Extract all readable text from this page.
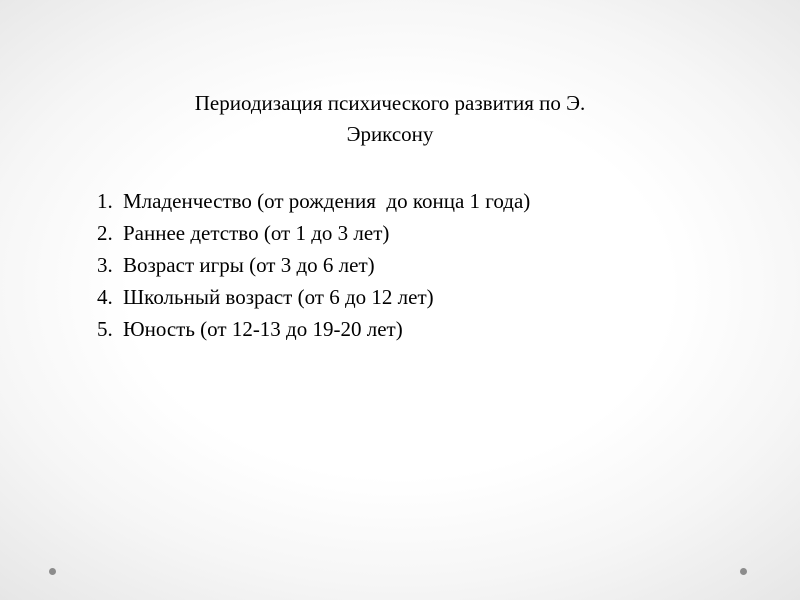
Периодизация психического развития по Э.
Эриксону
1. Младенчество (от рождения  до конца 1 года)
2. Раннее детство (от 1 до 3 лет)
3. Возраст игры (от 3 до 6 лет)
4. Школьный возраст (от 6 до 12 лет)
5. Юность (от 12-13 до 19-20 лет)
